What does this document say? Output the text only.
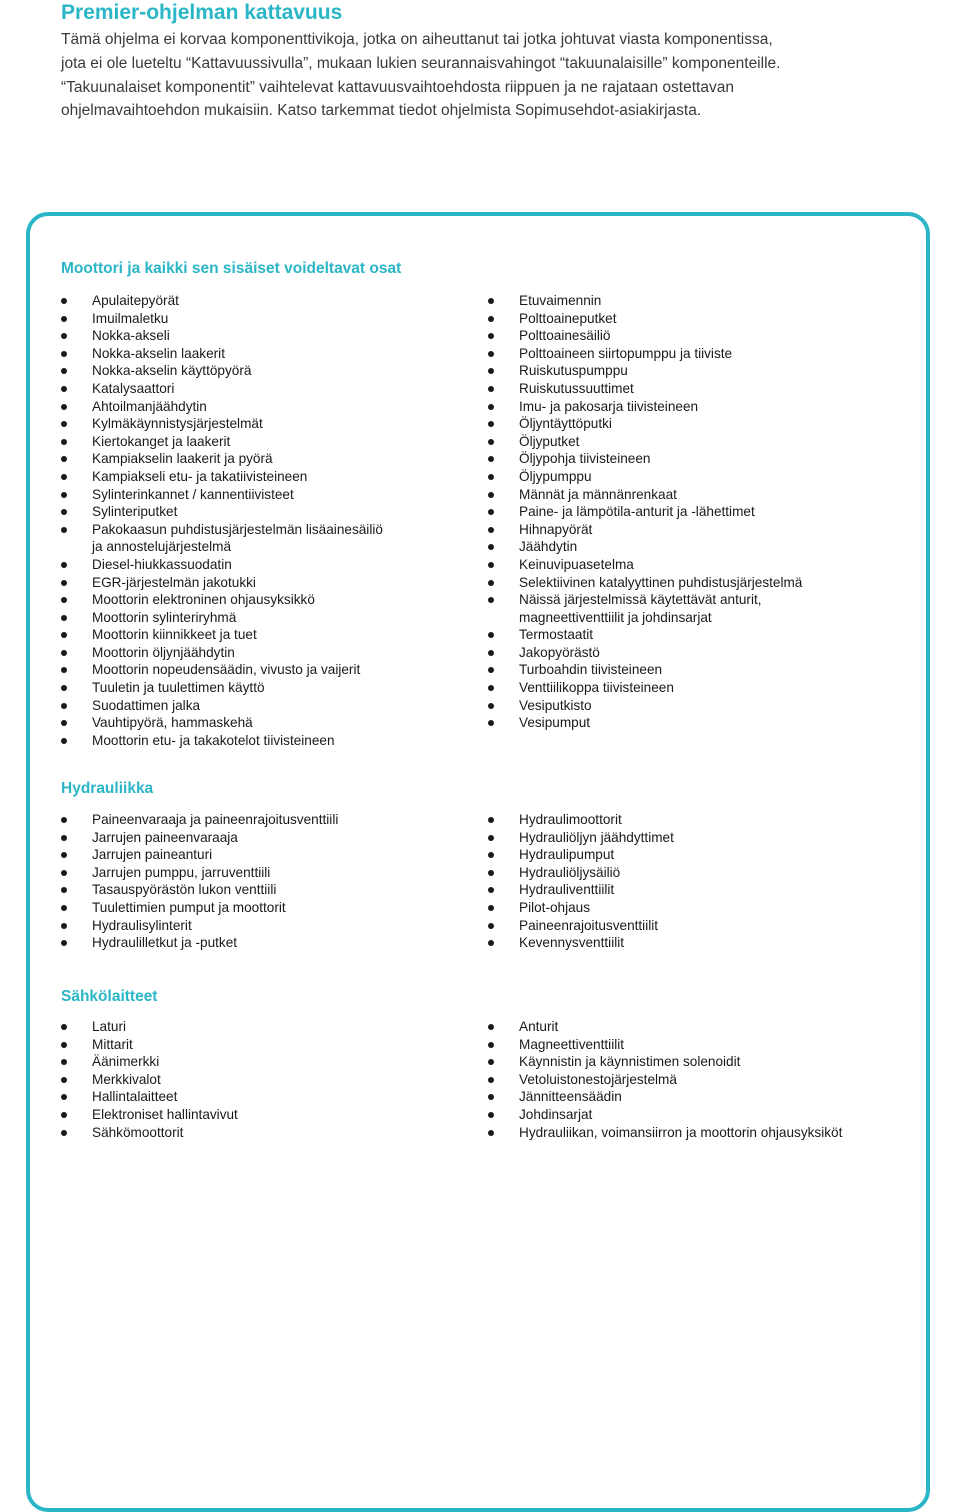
Premier-ohjelman kattavuus
Tämä ohjelma ei korvaa komponenttivikoja, jotka on aiheuttanut tai jotka johtuvat viasta komponentissa,
jota ei ole lueteltu “Kattavuussivulla”, mukaan lukien seurannaisvahingot “takuunalaisille” komponenteille.
“Takuunalaiset komponentit” vaihtelevat kattavuusvaihtoehdosta riippuen ja ne rajataan ostettavan
ohjelmavaihtoehdon mukaisiin. Katso tarkemmat tiedot ohjelmista Sopimusehdot-asiakirjasta.
Moottori ja kaikki sen sisäiset voideltavat osat
Apulaitepyörät
Imuilmaletku
Nokka-akseli
Nokka-akselin laakerit
Nokka-akselin käyttöpyörä
Katalysaattori
Ahtoilmanjäähdytin
Kylmäkäynnistysjärjestelmät
Kiertokanget ja laakerit
Kampiakselin laakerit ja pyörä
Kampiakseli etu- ja takatiivisteineen
Sylinterinkannet / kannentiivisteet
Sylinteriputket
Pakokaasun puhdistusjärjestelmän lisäainesäiliö
ja annostelujärjestelmä
Diesel-hiukkassuodatin
EGR-järjestelmän jakotukki
Moottorin elektroninen ohjausyksikkö
Moottorin sylinteriryhmä
Moottorin kiinnikkeet ja tuet
Moottorin öljynjäähdytin
Moottorin nopeudensäädin, vivusto ja vaijerit
Tuuletin ja tuulettimen käyttö
Suodattimen jalka
Vauhtipyörä, hammaskehä
Moottorin etu- ja takakotelot tiivisteineen
Etuvaimennin
Polttoaineputket
Polttoainesäiliö
Polttoaineen siirtopumppu ja tiiviste
Ruiskutuspumppu
Ruiskutussuuttimet
Imu- ja pakosarja tiivisteineen
Öljyntäyttöputki
Öljyputket
Öljypohja tiivisteineen
Öljypumppu
Männät ja männänrenkaat
Paine- ja lämpötila-anturit ja -lähettimet
Hihnapyörät
Jäähdytin
Keinuvipuasetelma
Selektiivinen katalyyttinen puhdistusjärjestelmä
Näissä järjestelmissä käytettävät anturit,
magneettiventtiilit ja johdinsarjat
Termostaatit
Jakopyörästö
Turboahdin tiivisteineen
Venttiilikoppa tiivisteineen
Vesiputkisto
Vesipumput
Hydrauliikka
Paineenvaraaja ja paineenrajoitusventtiili
Jarrujen paineenvaraaja
Jarrujen paineanturi
Jarrujen pumppu, jarruventtiili
Tasauspyörästön lukon venttiili
Tuulettimien pumput ja moottorit
Hydraulisylinterit
Hydraulilletkut ja -putket
Hydraulimoottorit
Hydrauliöljyn jäähdyttimet
Hydraulipumput
Hydrauliöljysäiliö
Hydrauliventtiilit
Pilot-ohjaus
Paineenrajoitusventtiilit
Kevennysventtiilit
Sähkölaitteet
Laturi
Mittarit
Äänimerkki
Merkkivalot
Hallintalaitteet
Elektroniset hallintavivut
Sähkömoottorit
Anturit
Magneettiventtiilit
Käynnistin ja käynnistimen solenoidit
Vetoluistonestojärjestelmä
Jännitteensäädin
Johdinsarjat
Hydrauliikan, voimansiirron ja moottorin ohjausyksiköt
